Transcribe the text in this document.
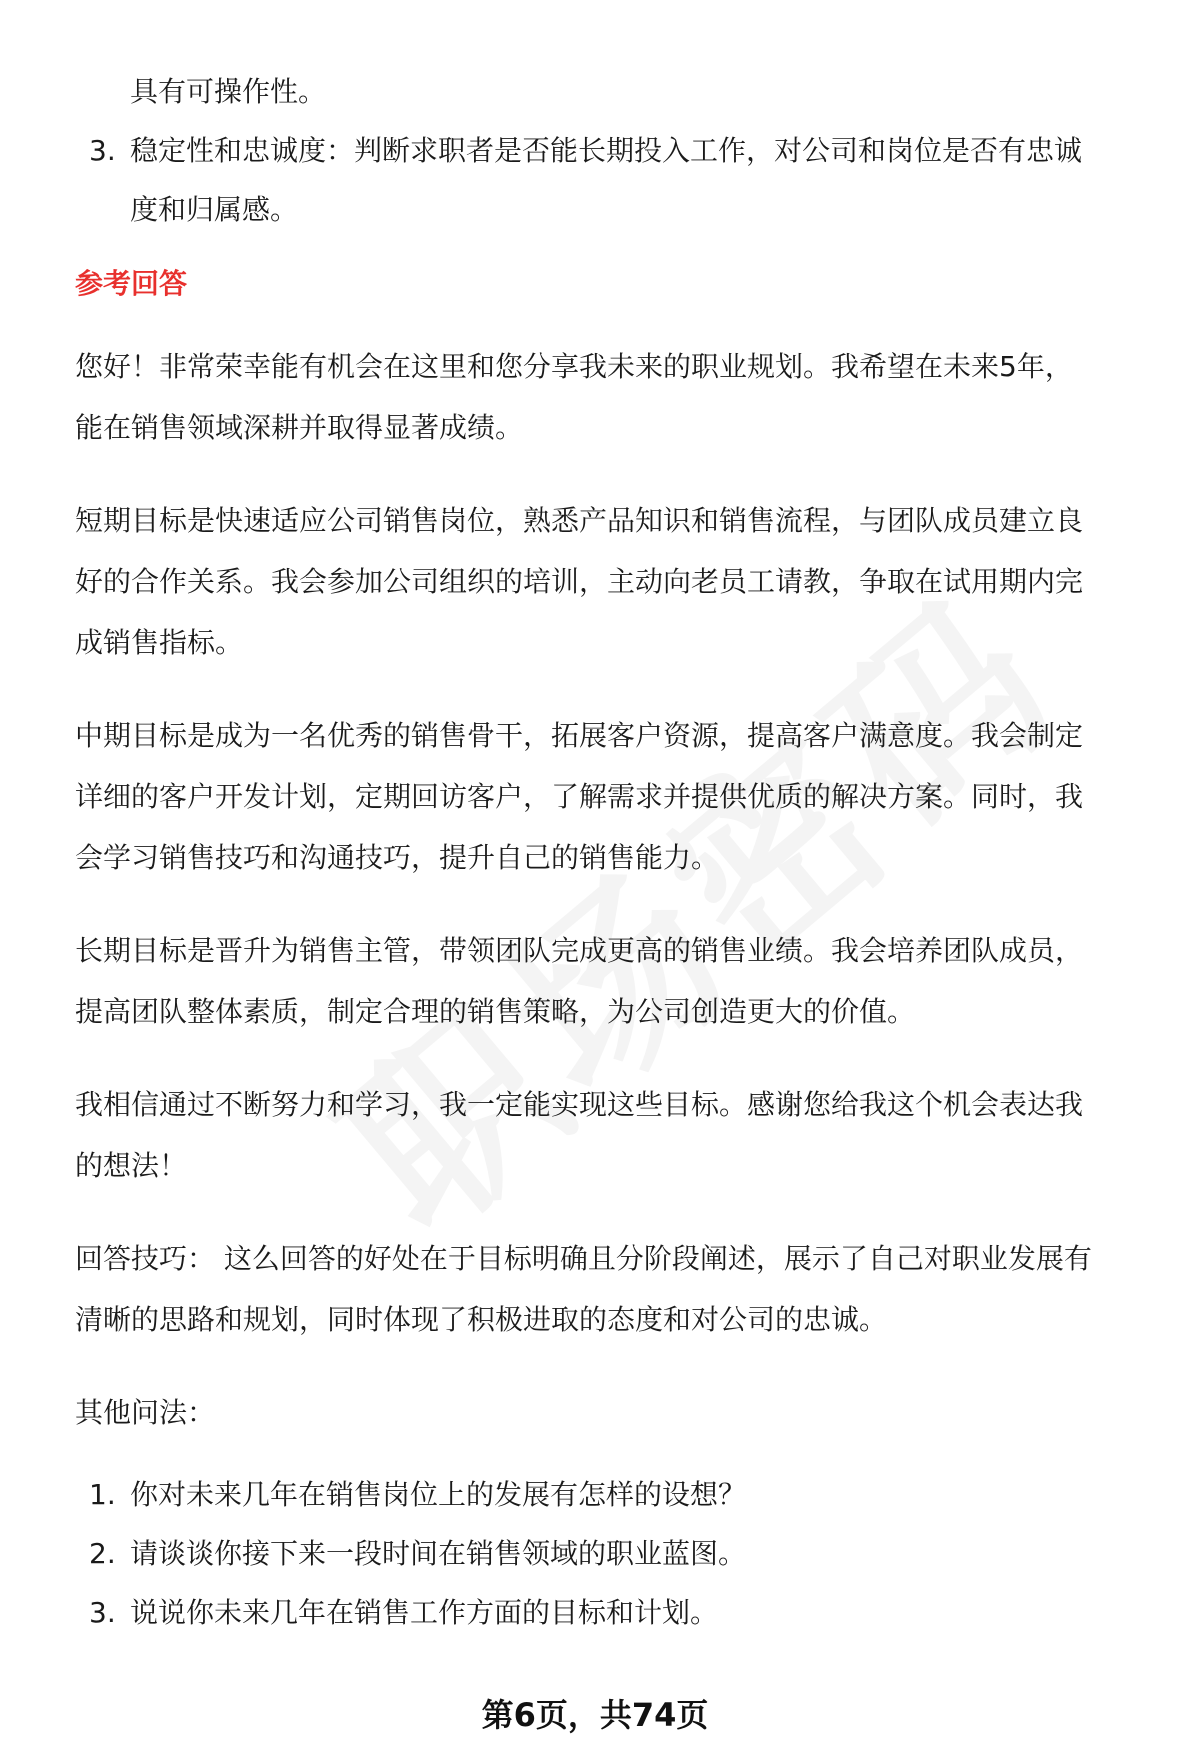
具有可操作性。
3. 稳定性和忠诚度：判断求职者是否能长期投入工作，对公司和岗位是否有忠诚
度和归属感。
参考回答

您好！非常荣幸能有机会在这里和您分享我未来的职业规划。我希望在未来5年，

能在销售领域深耕并取得显著成绩。

短期目标是快速适应公司销售岗位，熟悉产品知识和销售流程，与团队成员建立良

好的合作关系。我会参加公司组织的培训，主动向老员工请教，争取在试用期内完

成销售指标。

中期目标是成为一名优秀的销售骨干，拓展客户资源，提高客户满意度。我会制定

详细的客户开发计划，定期回访客户，了解需求并提供优质的解决方案。同时，我

会学习销售技巧和沟通技巧，提升自己的销售能力。

长期目标是晋升为销售主管，带领团队完成更高的销售业绩。我会培养团队成员，

提高团队整体素质，制定合理的销售策略，为公司创造更大的价值。

我相信通过不断努力和学习，我一定能实现这些目标。感谢您给我这个机会表达我

的想法！

回答技巧： 这么回答的好处在于目标明确且分阶段阐述，展示了自己对职业发展有

清晰的思路和规划，同时体现了积极进取的态度和对公司的忠诚。

其他问法：

1. 你对未来几年在销售岗位上的发展有怎样的设想？
2. 请谈谈你接下来一段时间在销售领域的职业蓝图。
3. 说说你未来几年在销售工作方面的目标和计划。
第6页，共74页
